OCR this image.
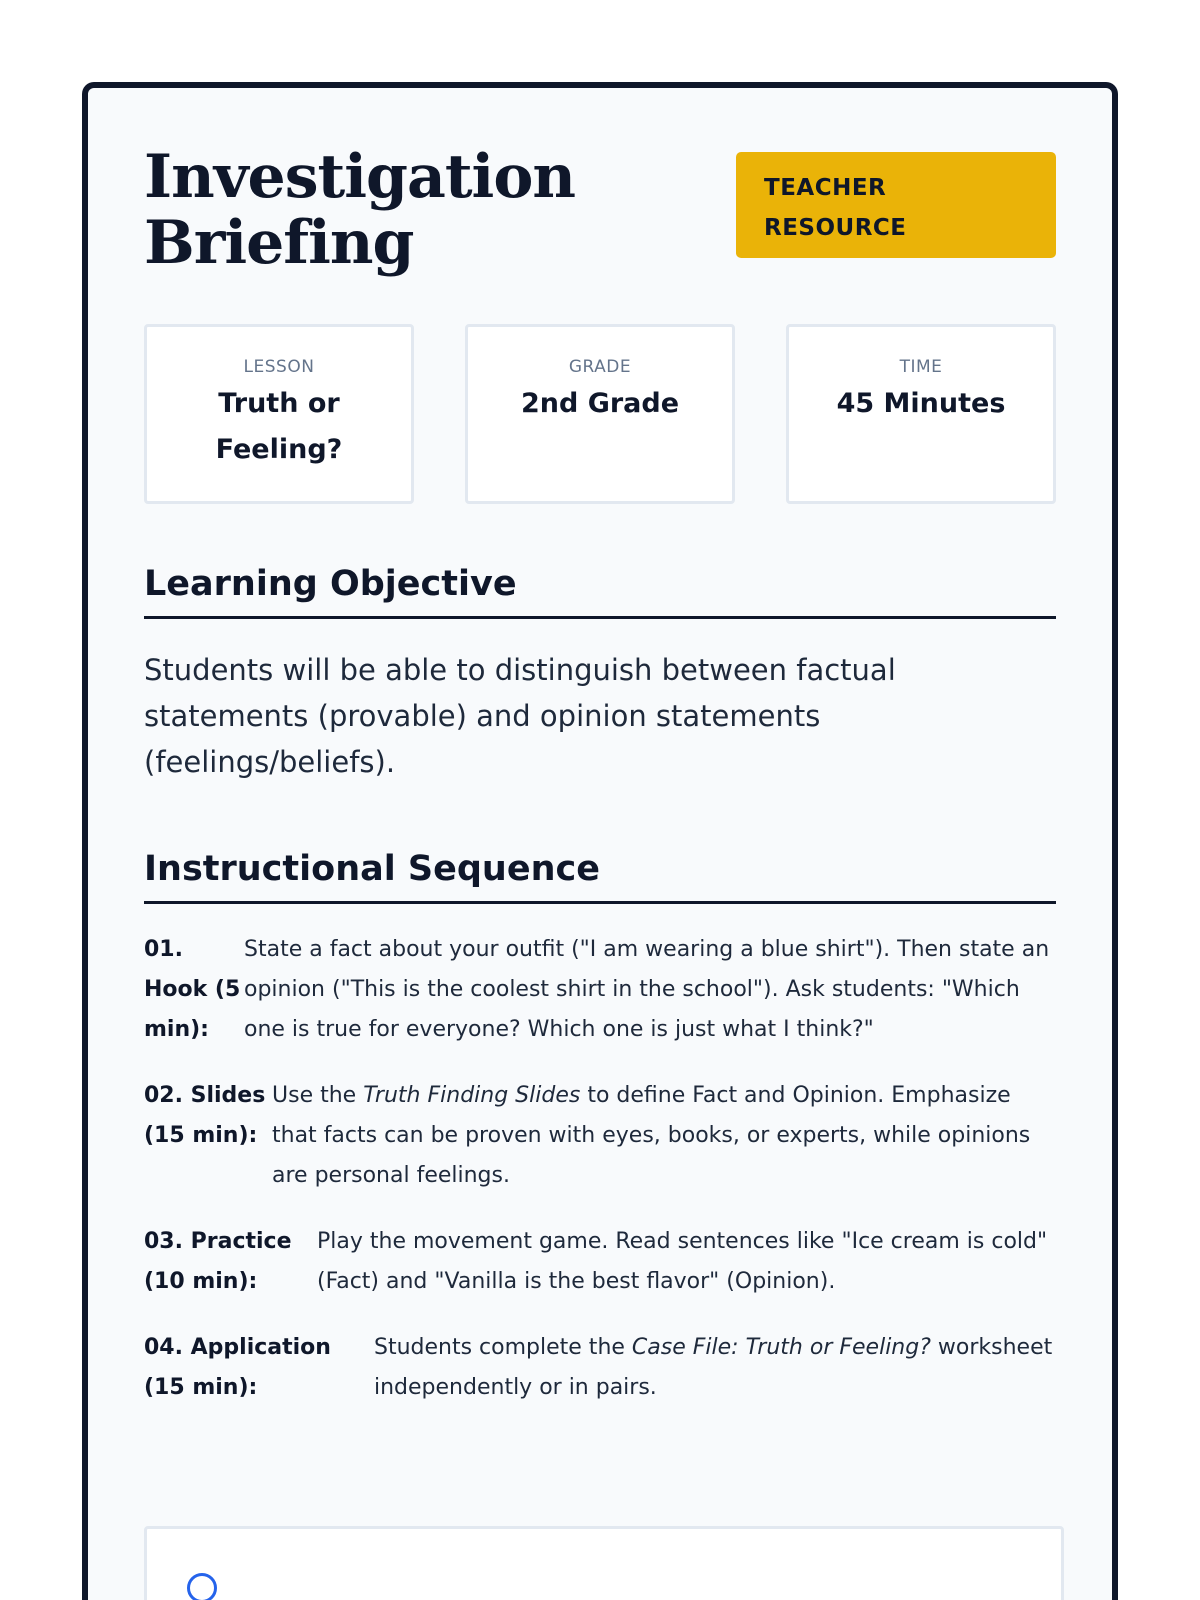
Investigation
Briefing
TEACHER
RESOURCE
LESSON
Truth or Feeling?
GRADE
2nd Grade
TIME
45 Minutes
Learning Objective
Students will be able to distinguish between factual statements (provable) and opinion statements (feelings/beliefs).
Instructional Sequence
01. Hook (5 min):
State a fact about your outfit ("I am wearing a blue shirt"). Then state an opinion ("This is the coolest shirt in the school"). Ask students: "Which one is true for everyone? Which one is just what I think?"
02. Slides (15 min):
Use the Truth Finding Slides to define Fact and Opinion. Emphasize that facts can be proven with eyes, books, or experts, while opinions are personal feelings.
03. Practice (10 min):
Play the movement game. Read sentences like "Ice cream is cold" (Fact) and "Vanilla is the best flavor" (Opinion).
04. Application (15 min):
Students complete the Case File: Truth or Feeling? worksheet independently or in pairs.
